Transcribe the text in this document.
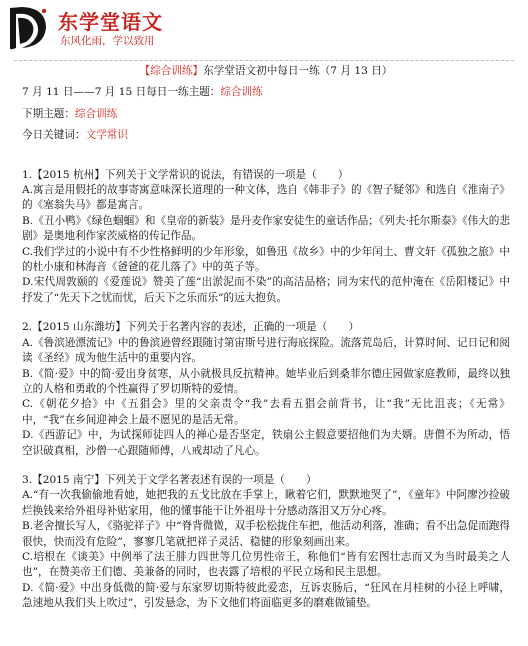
东学堂语文
东风化雨，学以致用

【综合训练】东学堂语文初中每日一练（7 月 13 日）

7 月 11 日——7 月 15 日每日一练主题：综合训练

下期主题：综合训练

今日关键词：文学常识

1.【2015 杭州】下列关于文学常识的说法，有错误的一项是（　　）

A.寓言是用假托的故事寄寓意味深长道理的一种文体，选自《韩非子》的《智子疑邻》和选自《淮南子》的《塞翁失马》都是寓言。

B.《丑小鸭》《绿色蝈蝈》和《皇帝的新装》是丹麦作家安徒生的童话作品；《列夫·托尔斯泰》《伟大的悲剧》是奥地利作家茨威格的传记作品。

C.我们学过的小说中有不少性格鲜明的少年形象，如鲁迅《故乡》中的少年闰土、曹文轩《孤独之旅》中的杜小康和林海音《爸爸的花儿落了》中的英子等。

D.宋代周敦颐的《爱莲说》赞美了莲“出淤泥而不染”的高洁品格；同为宋代的范仲淹在《岳阳楼记》中抒发了“先天下之忧而忧，后天下之乐而乐”的远大抱负。

2.【2015 山东潍坊】下列关于名著内容的表述，正确的一项是（　　）

A.《鲁滨逊漂流记》中的鲁滨逊曾经跟随讨第宙斯号进行海底探险。流落荒岛后，计算时间、记日记和阅读《圣经》成为他生活中的重要内容。

B.《简·爱》中的简·爱出身贫寒，从小就极具反抗精神。她毕业后到桑菲尔德庄园做家庭教师，最终以独立的人格和勇敢的个性赢得了罗切斯特的爱情。

C.《朝花夕拾》中《五猖会》里的父亲责令“我”去看五猖会前背书，让“我”无比沮丧；《无常》中，“我”在乡间迎神会上最不愿见的是活无常。

D.《西游记》中，为试探师徒四人的禅心是否坚定，铁扇公主假意要招他们为夫婿。唐僧不为所动，悟空识破真相，沙僧一心跟随师傅，八戒却动了凡心。

3.【2015 南宁】下列关于文学名著表述有误的一项是（　　）

A.“有一次我偷偷地看她，她把我的五戈比放在手掌上，瞅着它们，默默地哭了”，《童年》中阿廖沙捡破烂换钱来给外祖母补贴家用，他的懂事能干让外祖母十分感动落泪又万分心疼。

B.老舍擅长写人，《骆驼祥子》中“脊背微微，双手松松拢住车把，他活动利落，准确；看不出急促而跑得很快，快而没有危险”，寥寥几笔就把祥子灵活、稳健的形象刻画出来。

C.培根在《谈美》中例举了法王腓力四世等几位男性帝王，称他们“皆有宏图壮志而又为当时最美之人也”，在赞美帝王们德、美兼备的同时，也表露了培根的平民立场和民主思想。

D.《简·爱》中出身低微的简·爱与东家罗切斯特彼此爱恋，互诉衷肠后，“狂风在月桂树的小径上呼啸，急速地从我们头上吹过”，引发悬念，为下文他们将面临更多的磨难做铺垫。
